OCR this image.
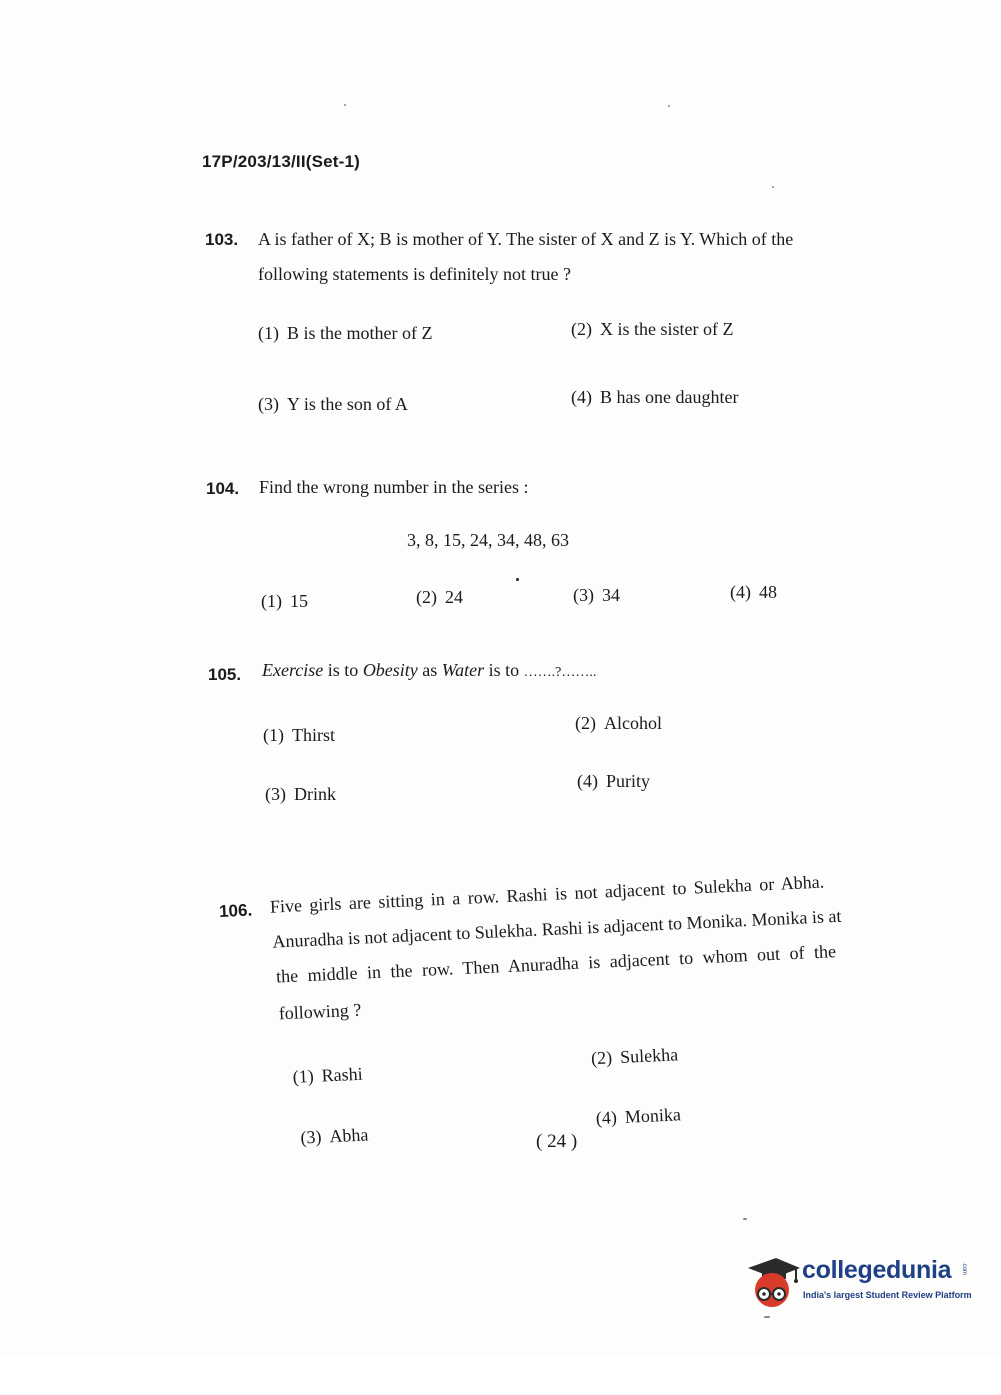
17P/203/13/II(Set-1)
103. A is father of X; B is mother of Y. The sister of X and Z is Y. Which of the
following statements is definitely not true ?
(1) B is the mother of Z	(2) X is the sister of Z
(3) Y is the son of A	(4) B has one daughter
104. Find the wrong number in the series :
3, 8, 15, 24, 34, 48, 63
(1) 15	(2) 24	(3) 34	(4) 48
105. Exercise is to Obesity as Water is to …….?……..
(1) Thirst
(2) Alcohol
(3) Drink
(4) Purity
106. Five girls are sitting in a row. Rashi is not adjacent to Sulekha or Abha.
Anuradha is not adjacent to Sulekha. Rashi is adjacent to Monika. Monika is at
the middle in the row. Then Anuradha is adjacent to whom out of the
following ?
(1) Rashi
(2) Sulekha
(3) Abha
(4) Monika
( 24 )
collegedunia .com
India's largest Student Review Platform
